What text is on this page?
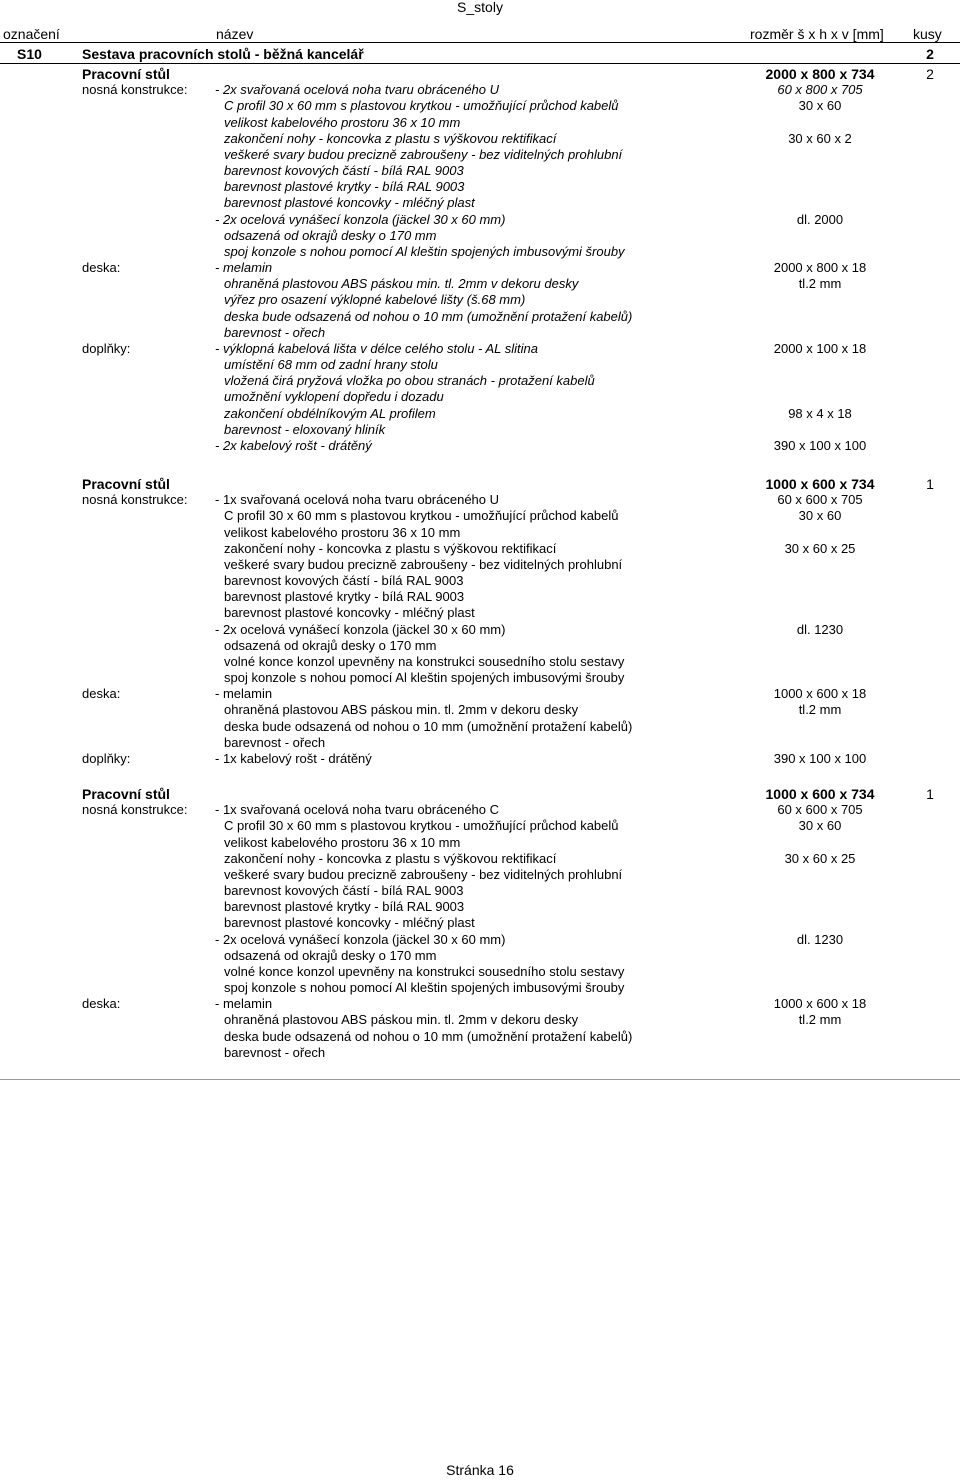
S_stoly
označení	název	rozměr š x h x v [mm] kusy
S10	Sestava pracovních stolů - běžná kancelář	2
Pracovní stůl	2000 x 800 x 734	2
nosná konstrukce: - 2x svařovaná ocelová noha tvaru obráceného U	60 x 800 x 705
C profil 30 x 60 mm s plastovou krytkou - umožňující průchod kabelů	30 x 60
velikost kabelového prostoru 36 x 10 mm
zakončení nohy - koncovka z plastu s výškovou rektifikací	30 x 60 x 2
veškeré svary budou precizně zabroušeny - bez viditelných prohlubní
barevnost kovových částí - bílá RAL 9003
barevnost plastové krytky - bílá RAL 9003
barevnost plastové koncovky - mléčný plast
- 2x ocelová vynášecí konzola (jäckel 30 x 60 mm)	dl. 2000
odsazená od okrajů desky o 170 mm
spoj konzole s nohou pomocí Al kleštin spojených imbusovými šrouby
deska:	- melamin	2000 x 800 x 18
ohraněná plastovou ABS páskou min. tl. 2mm v dekoru desky	tl.2 mm
výřez pro osazení výklopné kabelové lišty (š.68 mm)
deska bude odsazená od nohou o 10 mm (umožnění protažení kabelů)
barevnost - ořech
doplňky:	- výklopná kabelová lišta v délce celého stolu - AL slitina	2000 x 100 x 18
umístění 68 mm od zadní hrany stolu
vložená čirá pryžová vložka po obou stranách - protažení kabelů
umožnění vyklopení dopředu i dozadu
zakončení obdélníkovým AL profilem	98 x 4 x 18
barevnost - eloxovaný hliník
- 2x kabelový rošt - drátěný	390 x 100 x 100
Pracovní stůl	1000 x 600 x 734	1
nosná konstrukce: - 1x svařovaná ocelová noha tvaru obráceného U	60 x 600 x 705
C profil 30 x 60 mm s plastovou krytkou - umožňující průchod kabelů	30 x 60
velikost kabelového prostoru 36 x 10 mm
zakončení nohy - koncovka z plastu s výškovou rektifikací	30 x 60 x 25
veškeré svary budou precizně zabroušeny - bez viditelných prohlubní
barevnost kovových částí - bílá RAL 9003
barevnost plastové krytky - bílá RAL 9003
barevnost plastové koncovky - mléčný plast
- 2x ocelová vynášecí konzola (jäckel 30 x 60 mm)	dl. 1230
odsazená od okrajů desky o 170 mm
volné konce konzol upevněny na konstrukci sousedního stolu sestavy
spoj konzole s nohou pomocí Al kleštin spojených imbusovými šrouby
deska:	- melamin	1000 x 600 x 18
ohraněná plastovou ABS páskou min. tl. 2mm v dekoru desky	tl.2 mm
deska bude odsazená od nohou o 10 mm (umožnění protažení kabelů)
barevnost - ořech
doplňky:	- 1x kabelový rošt - drátěný	390 x 100 x 100
Pracovní stůl	1000 x 600 x 734	1
nosná konstrukce: - 1x svařovaná ocelová noha tvaru obráceného C	60 x 600 x 705
C profil 30 x 60 mm s plastovou krytkou - umožňující průchod kabelů	30 x 60
velikost kabelového prostoru 36 x 10 mm
zakončení nohy - koncovka z plastu s výškovou rektifikací	30 x 60 x 25
veškeré svary budou precizně zabroušeny - bez viditelných prohlubní
barevnost kovových částí - bílá RAL 9003
barevnost plastové krytky - bílá RAL 9003
barevnost plastové koncovky - mléčný plast
- 2x ocelová vynášecí konzola (jäckel 30 x 60 mm)	dl. 1230
odsazená od okrajů desky o 170 mm
volné konce konzol upevněny na konstrukci sousedního stolu sestavy
spoj konzole s nohou pomocí Al kleštin spojených imbusovými šrouby
deska:	- melamin	1000 x 600 x 18
ohraněná plastovou ABS páskou min. tl. 2mm v dekoru desky	tl.2 mm
deska bude odsazená od nohou o 10 mm (umožnění protažení kabelů)
barevnost - ořech
Stránka 16
